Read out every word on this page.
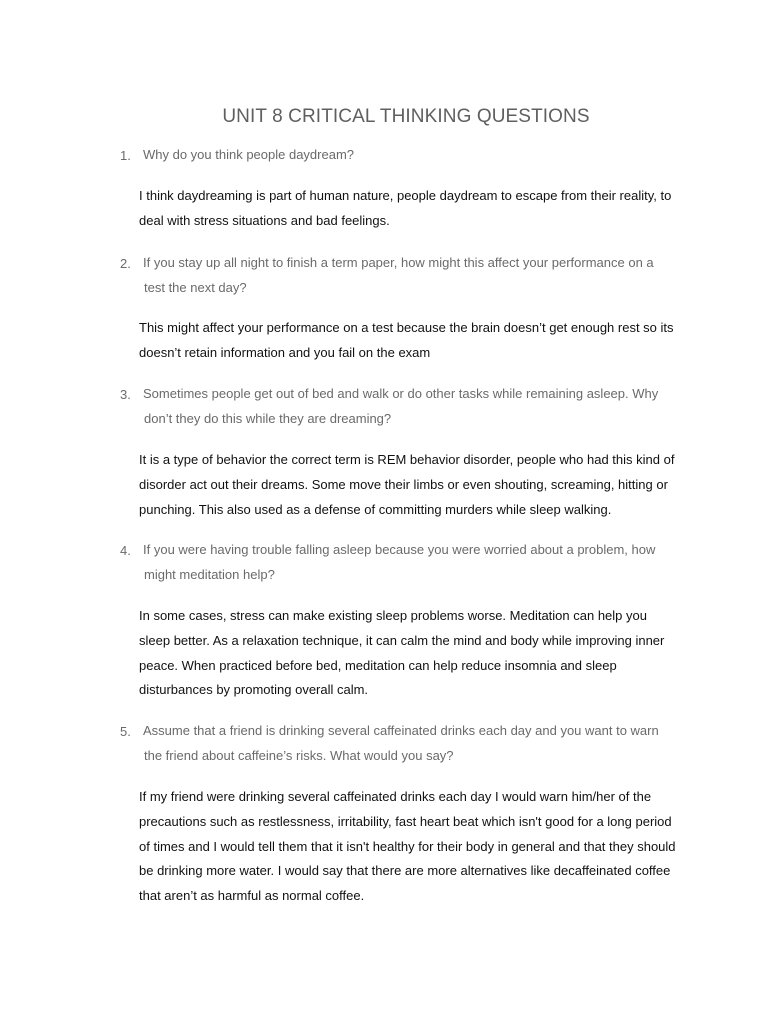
UNIT 8 CRITICAL THINKING QUESTIONS
1. Why do you think people daydream?
I think daydreaming is part of human nature, people daydream to escape from their reality, to
deal with stress situations and bad feelings.
2. If you stay up all night to finish a term paper, how might this affect your performance on a
test the next day?
This might affect your performance on a test because the brain doesn’t get enough rest so its
doesn’t retain information and you fail on the exam
3. Sometimes people get out of bed and walk or do other tasks while remaining asleep. Why
don’t they do this while they are dreaming?
It is a type of behavior the correct term is REM behavior disorder, people who had this kind of
disorder act out their dreams. Some move their limbs or even shouting, screaming, hitting or
punching. This also used as a defense of committing murders while sleep walking.
4. If you were having trouble falling asleep because you were worried about a problem, how
might meditation help?
In some cases, stress can make existing sleep problems worse. Meditation can help you
sleep better. As a relaxation technique, it can calm the mind and body while improving inner
peace. When practiced before bed, meditation can help reduce insomnia and sleep
disturbances by promoting overall calm.
5. Assume that a friend is drinking several caffeinated drinks each day and you want to warn
the friend about caffeine’s risks. What would you say?
If my friend were drinking several caffeinated drinks each day I would warn him/her of the
precautions such as restlessness, irritability, fast heart beat which isn't good for a long period
of times and I would tell them that it isn't healthy for their body in general and that they should
be drinking more water. I would say that there are more alternatives like decaffeinated coffee
that aren’t as harmful as normal coffee.
